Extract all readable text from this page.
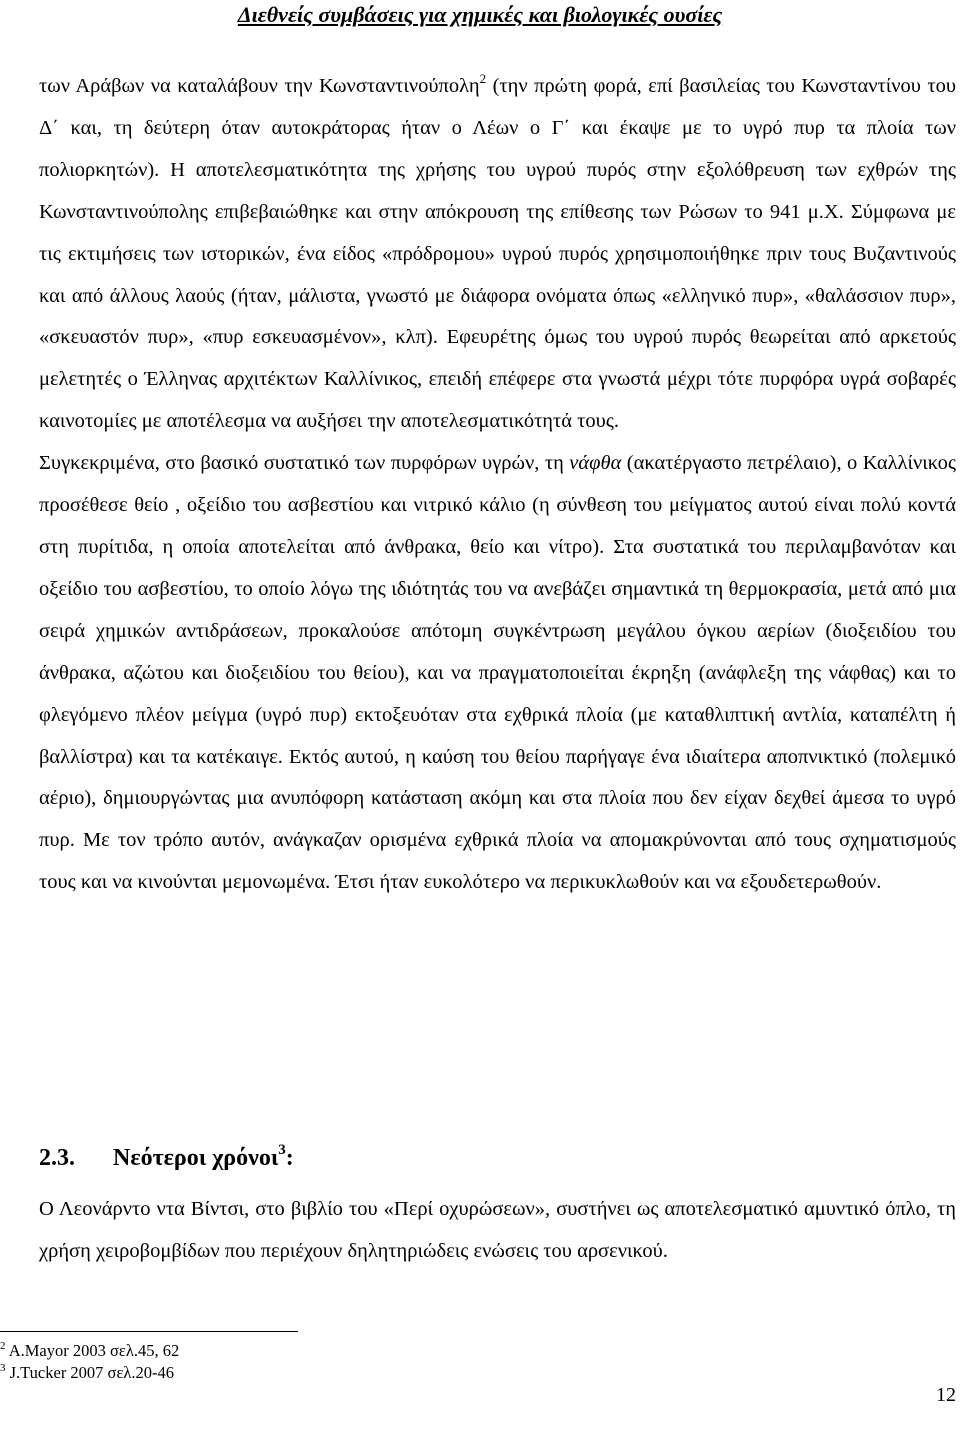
Διεθνείς συμβάσεις για χημικές και βιολογικές ουσίες

των Αράβων να καταλάβουν την Κωνσταντινούπολη$^2$ (την πρώτη φορά, επί βασιλείας του Κωνσταντίνου του Δ΄ και, τη δεύτερη όταν αυτοκράτορας ήταν ο Λέων ο Γ΄ και έκαψε με το υγρό πυρ τα πλοία των πολιορκητών). Η αποτελεσματικότητα της χρήσης του υγρού πυρός στην εξολόθρευση των εχθρών της Κωνσταντινούπολης επιβεβαιώθηκε και στην απόκρουση της επίθεσης των Ρώσων το 941 μ.Χ. Σύμφωνα με τις εκτιμήσεις των ιστορικών, ένα είδος «πρόδρομου» υγρού πυρός χρησιμοποιήθηκε πριν τους Βυζαντινούς και από άλλους λαούς (ήταν, μάλιστα, γνωστό με διάφορα ονόματα όπως «ελληνικό πυρ», «θαλάσσιον πυρ», «σκευαστόν πυρ», «πυρ εσκευασμένον», κλπ). Εφευρέτης όμως του υγρού πυρός θεωρείται από αρκετούς μελετητές ο Έλληνας αρχιτέκτων Καλλίνικος, επειδή επέφερε στα γνωστά μέχρι τότε πυρφόρα υγρά σοβαρές καινοτομίες με αποτέλεσμα να αυξήσει την αποτελεσματικότητά τους.

Συγκεκριμένα, στο βασικό συστατικό των πυρφόρων υγρών, τη νάφθα (ακατέργαστο πετρέλαιο), ο Καλλίνικος προσέθεσε θείο , οξείδιο του ασβεστίου και νιτρικό κάλιο (η σύνθεση του μείγματος αυτού είναι πολύ κοντά στη πυρίτιδα, η οποία αποτελείται από άνθρακα, θείο και νίτρο). Στα συστατικά του περιλαμβανόταν και οξείδιο του ασβεστίου, το οποίο λόγω της ιδιότητάς του να ανεβάζει σημαντικά τη θερμοκρασία, μετά από μια σειρά χημικών αντιδράσεων, προκαλούσε απότομη συγκέντρωση μεγάλου όγκου αερίων (διοξειδίου του άνθρακα, αζώτου και διοξειδίου του θείου), και να πραγματοποιείται έκρηξη (ανάφλεξη της νάφθας) και το φλεγόμενο πλέον μείγμα (υγρό πυρ) εκτοξευόταν στα εχθρικά πλοία (με καταθλιπτική αντλία, καταπέλτη ή βαλλίστρα) και τα κατέκαιγε. Εκτός αυτού, η καύση του θείου παρήγαγε ένα ιδιαίτερα αποπνικτικό (πολεμικό αέριο), δημιουργώντας μια ανυπόφορη κατάσταση ακόμη και στα πλοία που δεν είχαν δεχθεί άμεσα το υγρό πυρ. Με τον τρόπο αυτόν, ανάγκαζαν ορισμένα εχθρικά πλοία να απομακρύνονται από τους σχηματισμούς τους και να κινούνται μεμονωμένα. Έτσι ήταν ευκολότερο να περικυκλωθούν και να εξουδετερωθούν.

2.3. Νεότεροι χρόνοι$^3$:

Ο Λεονάρντο ντα Βίντσι, στο βιβλίο του «Περί οχυρώσεων», συστήνει ως αποτελεσματικό αμυντικό όπλο, τη χρήση χειροβομβίδων που περιέχουν δηλητηριώδεις ενώσεις του αρσενικού.

$^2$ A.Mayor 2003 σελ.45, 62
$^3$ J.Tucker 2007 σελ.20-46
12
